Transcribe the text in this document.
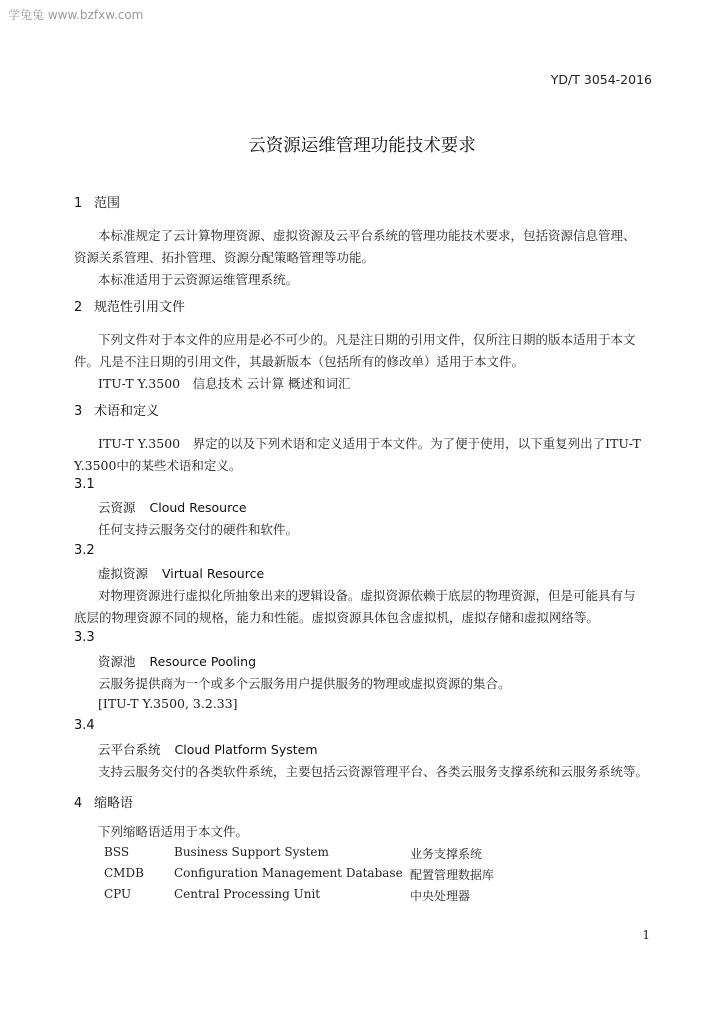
学兔兔 www.bzfxw.com
YD/T 3054-2016
云资源运维管理功能技术要求
1 范围
本标准规定了云计算物理资源、虚拟资源及云平台系统的管理功能技术要求，包括资源信息管理、
资源关系管理、拓扑管理、资源分配策略管理等功能。
本标准适用于云资源运维管理系统。
2 规范性引用文件
下列文件对于本文件的应用是必不可少的。凡是注日期的引用文件，仅所注日期的版本适用于本文
件。凡是不注日期的引用文件，其最新版本（包括所有的修改单）适用于本文件。
ITU-T Y.3500　信息技术 云计算 概述和词汇
3 术语和定义
ITU-T Y.3500　界定的以及下列术语和定义适用于本文件。为了便于使用，以下重复列出了ITU-T
Y.3500中的某些术语和定义。
3.1
云资源 Cloud Resource
任何支持云服务交付的硬件和软件。
3.2
虚拟资源 Virtual Resource
对物理资源进行虚拟化所抽象出来的逻辑设备。虚拟资源依赖于底层的物理资源，但是可能具有与
底层的物理资源不同的规格，能力和性能。虚拟资源具体包含虚拟机，虚拟存储和虚拟网络等。
3.3
资源池 Resource Pooling
云服务提供商为一个或多个云服务用户提供服务的物理或虚拟资源的集合。
[ITU-T Y.3500, 3.2.33]
3.4
云平台系统 Cloud Platform System
支持云服务交付的各类软件系统，主要包括云资源管理平台、各类云服务支撑系统和云服务系统等。
4 缩略语
下列缩略语适用于本文件。
BSS	Business Support System	业务支撑系统
CMDB	Configuration Management Database 配置管理数据库
CPU	Central Processing Unit	中央处理器
1
